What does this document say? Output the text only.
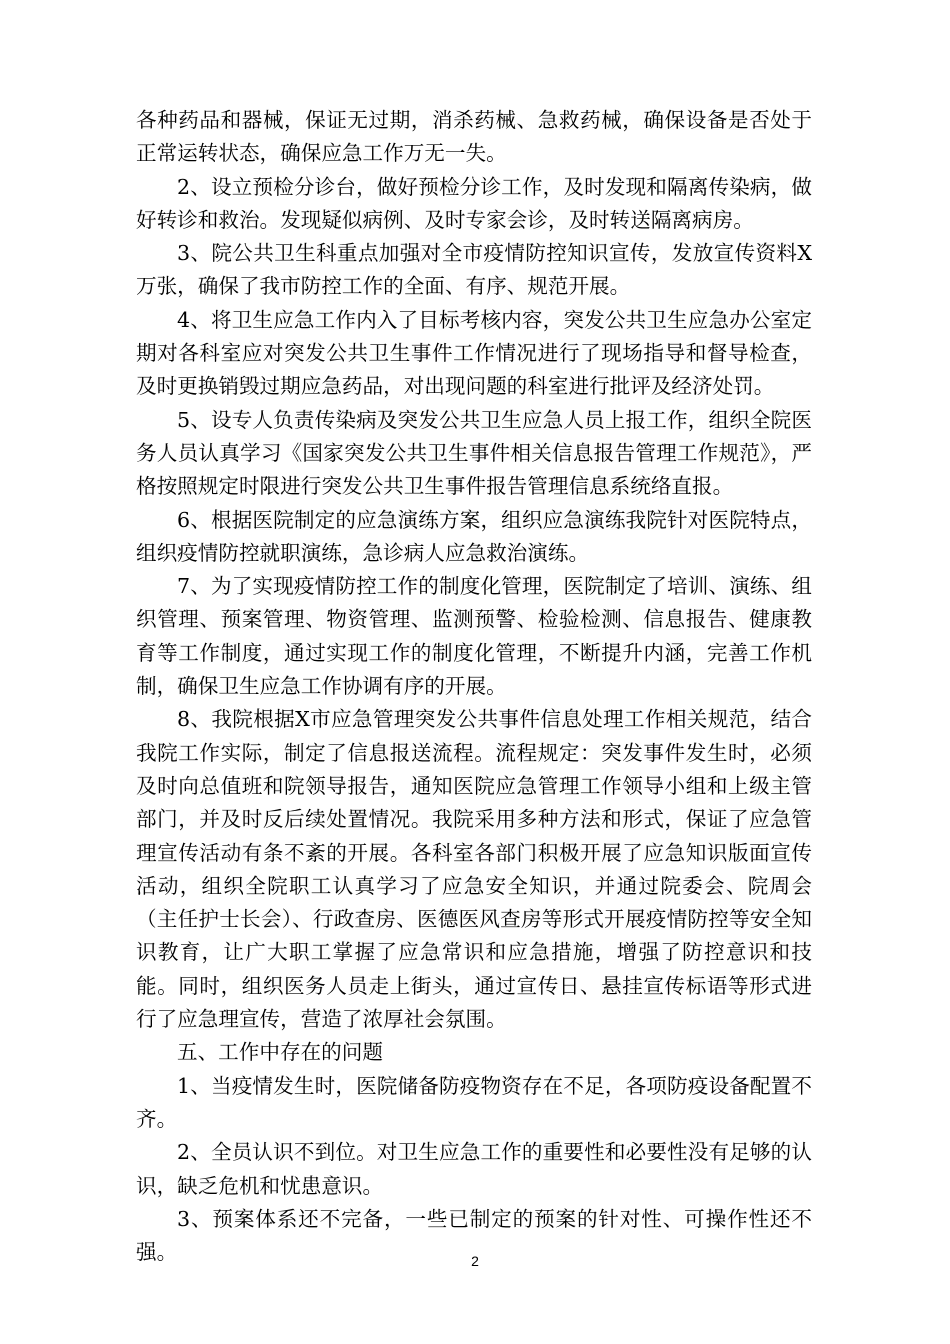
各种药品和器械，保证无过期，消杀药械、急救药械，确保设备是否处于正常运转状态，确保应急工作万无一失。

2、设立预检分诊台，做好预检分诊工作，及时发现和隔离传染病，做好转诊和救治。发现疑似病例、及时专家会诊，及时转送隔离病房。

3、院公共卫生科重点加强对全市疫情防控知识宣传，发放宣传资料X万张，确保了我市防控工作的全面、有序、规范开展。

4、将卫生应急工作内入了目标考核内容，突发公共卫生应急办公室定期对各科室应对突发公共卫生事件工作情况进行了现场指导和督导检查，及时更换销毁过期应急药品，对出现问题的科室进行批评及经济处罚。

5、设专人负责传染病及突发公共卫生应急人员上报工作，组织全院医务人员认真学习《国家突发公共卫生事件相关信息报告管理工作规范》，严格按照规定时限进行突发公共卫生事件报告管理信息系统络直报。

6、根据医院制定的应急演练方案，组织应急演练我院针对医院特点，组织疫情防控就职演练，急诊病人应急救治演练。

7、为了实现疫情防控工作的制度化管理，医院制定了培训、演练、组织管理、预案管理、物资管理、监测预警、检验检测、信息报告、健康教育等工作制度，通过实现工作的制度化管理，不断提升内涵，完善工作机制，确保卫生应急工作协调有序的开展。

8、我院根据X市应急管理突发公共事件信息处理工作相关规范，结合我院工作实际，制定了信息报送流程。流程规定：突发事件发生时，必须及时向总值班和院领导报告，通知医院应急管理工作领导小组和上级主管部门，并及时反后续处置情况。我院采用多种方法和形式，保证了应急管理宣传活动有条不紊的开展。各科室各部门积极开展了应急知识版面宣传活动，组织全院职工认真学习了应急安全知识，并通过院委会、院周会（主任护士长会）、行政查房、医德医风查房等形式开展疫情防控等安全知识教育，让广大职工掌握了应急常识和应急措施，增强了防控意识和技能。同时，组织医务人员走上街头，通过宣传日、悬挂宣传标语等形式进行了应急理宣传，营造了浓厚社会氛围。

五、工作中存在的问题

1、当疫情发生时，医院储备防疫物资存在不足，各项防疫设备配置不齐。

2、全员认识不到位。对卫生应急工作的重要性和必要性没有足够的认识，缺乏危机和忧患意识。

3、预案体系还不完备，一些已制定的预案的针对性、可操作性还不强。	2
